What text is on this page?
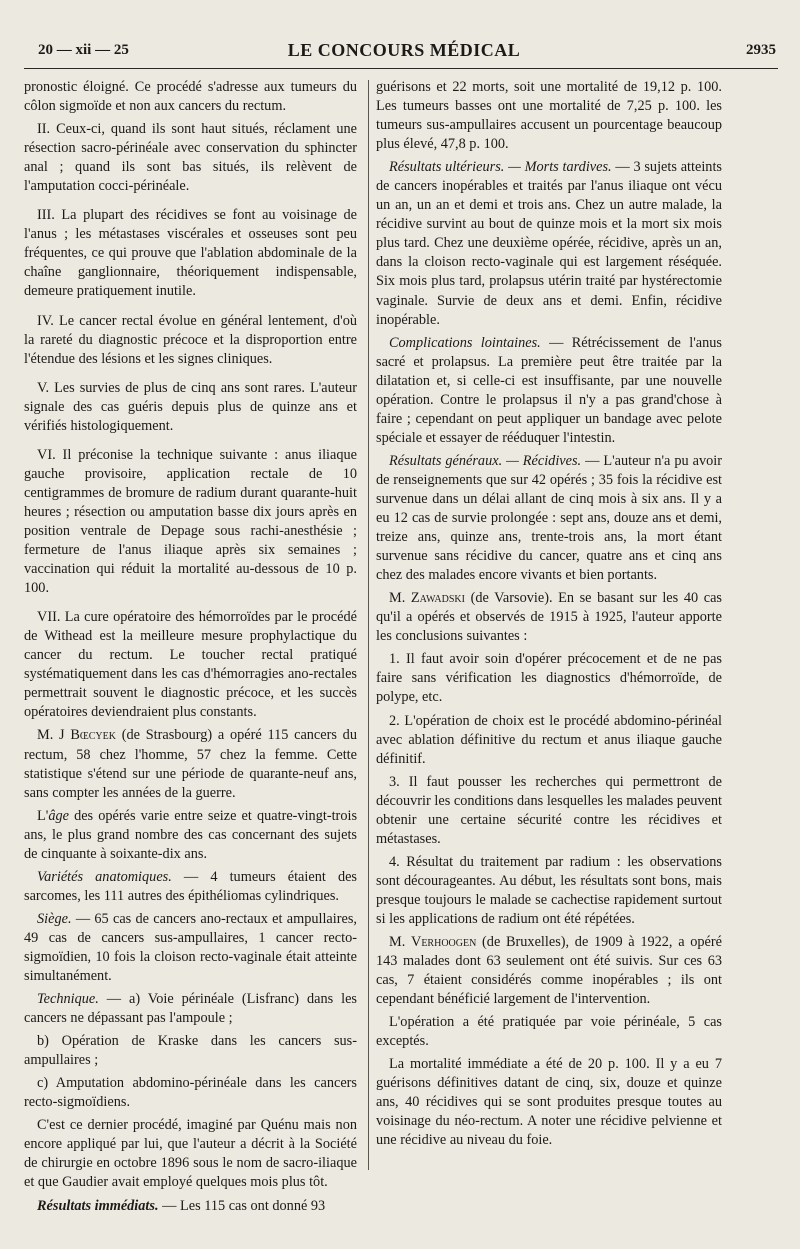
20 — xii — 25	LE CONCOURS MÉDICAL	2935

pronostic éloigné. Ce procédé s'adresse aux tumeurs du côlon sigmoïde et non aux cancers du rectum.

II. Ceux-ci, quand ils sont haut situés, réclament une résection sacro-périnéale avec conservation du sphincter anal ; quand ils sont bas situés, ils relèvent de l'amputation cocci-périnéale.

III. La plupart des récidives se font au voisinage de l'anus ; les métastases viscérales et osseuses sont peu fréquentes, ce qui prouve que l'ablation abdominale de la chaîne ganglionnaire, théoriquement indispensable, demeure pratiquement inutile.

IV. Le cancer rectal évolue en général lentement, d'où la rareté du diagnostic précoce et la disproportion entre l'étendue des lésions et les signes cliniques.

V. Les survies de plus de cinq ans sont rares. L'auteur signale des cas guéris depuis plus de quinze ans et vérifiés histologiquement.

VI. Il préconise la technique suivante : anus iliaque gauche provisoire, application rectale de 10 centigrammes de bromure de radium durant quarante-huit heures ; résection ou amputation basse dix jours après en position ventrale de Depage sous rachi-anesthésie ; fermeture de l'anus iliaque après six semaines ; vaccination qui réduit la mortalité au-dessous de 10 p. 100.

VII. La cure opératoire des hémorroïdes par le procédé de Withead est la meilleure mesure prophylactique du cancer du rectum. Le toucher rectal pratiqué systématiquement dans les cas d'hémorragies ano-rectales permettrait souvent le diagnostic précoce, et les succès opératoires deviendraient plus constants.

M. J Bœcyek (de Strasbourg) a opéré 115 cancers du rectum, 58 chez l'homme, 57 chez la femme. Cette statistique s'étend sur une période de quarante-neuf ans, sans compter les années de la guerre.

L'âge des opérés varie entre seize et quatre-vingt-trois ans, le plus grand nombre des cas concernant des sujets de cinquante à soixante-dix ans.

Variétés anatomiques. — 4 tumeurs étaient des sarcomes, les 111 autres des épithéliomas cylindriques.

Siège. — 65 cas de cancers ano-rectaux et ampullaires, 49 cas de cancers sus-ampullaires, 1 cancer recto-sigmoïdien, 10 fois la cloison recto-vaginale était atteinte simultanément.

Technique. — a) Voie périnéale (Lisfranc) dans les cancers ne dépassant pas l'ampoule ;

b) Opération de Kraske dans les cancers sus-ampullaires ;

c) Amputation abdomino-périnéale dans les cancers recto-sigmoïdiens.

C'est ce dernier procédé, imaginé par Quénu mais non encore appliqué par lui, que l'auteur a décrit à la Société de chirurgie en octobre 1896 sous le nom de sacro-iliaque et que Gaudier avait employé quelques mois plus tôt.

Résultats immédiats. — Les 115 cas ont donné 93

guérisons et 22 morts, soit une mortalité de 19,12 p. 100. Les tumeurs basses ont une mortalité de 7,25 p. 100. les tumeurs sus-ampullaires accusent un pourcentage beaucoup plus élevé, 47,8 p. 100.

Résultats ultérieurs. — Morts tardives. — 3 sujets atteints de cancers inopérables et traités par l'anus iliaque ont vécu un an, un an et demi et trois ans. Chez un autre malade, la récidive survint au bout de quinze mois et la mort six mois plus tard. Chez une deuxième opérée, récidive, après un an, dans la cloison recto-vaginale qui est largement réséquée. Six mois plus tard, prolapsus utérin traité par hystérectomie vaginale. Survie de deux ans et demi. Enfin, récidive inopérable.

Complications lointaines. — Rétrécissement de l'anus sacré et prolapsus. La première peut être traitée par la dilatation et, si celle-ci est insuffisante, par une nouvelle opération. Contre le prolapsus il n'y a pas grand'chose à faire ; cependant on peut appliquer un bandage avec pelote spéciale et essayer de rééduquer l'intestin.

Résultats généraux. — Récidives. — L'auteur n'a pu avoir de renseignements que sur 42 opérés ; 35 fois la récidive est survenue dans un délai allant de cinq mois à six ans. Il y a eu 12 cas de survie prolongée : sept ans, douze ans et demi, treize ans, quinze ans, trente-trois ans, la mort étant survenue sans récidive du cancer, quatre ans et cinq ans chez des malades encore vivants et bien portants.

M. Zawadski (de Varsovie). En se basant sur les 40 cas qu'il a opérés et observés de 1915 à 1925, l'auteur apporte les conclusions suivantes :

1. Il faut avoir soin d'opérer précocement et de ne pas faire sans vérification les diagnostics d'hémorroïde, de polype, etc.

2. L'opération de choix est le procédé abdomino-périnéal avec ablation définitive du rectum et anus iliaque gauche définitif.

3. Il faut pousser les recherches qui permettront de découvrir les conditions dans lesquelles les malades peuvent obtenir une certaine sécurité contre les récidives et métastases.

4. Résultat du traitement par radium : les observations sont décourageantes. Au début, les résultats sont bons, mais presque toujours le malade se cachectise rapidement surtout si les applications de radium ont été répétées.

M. Verhoogen (de Bruxelles), de 1909 à 1922, a opéré 143 malades dont 63 seulement ont été suivis. Sur ces 63 cas, 7 étaient considérés comme inopérables ; ils ont cependant bénéficié largement de l'intervention.

L'opération a été pratiquée par voie périnéale, 5 cas exceptés.

La mortalité immédiate a été de 20 p. 100. Il y a eu 7 guérisons définitives datant de cinq, six, douze et quinze ans, 40 récidives qui se sont produites presque toutes au voisinage du néo-rectum. A noter une récidive pelvienne et une récidive au niveau du foie.
